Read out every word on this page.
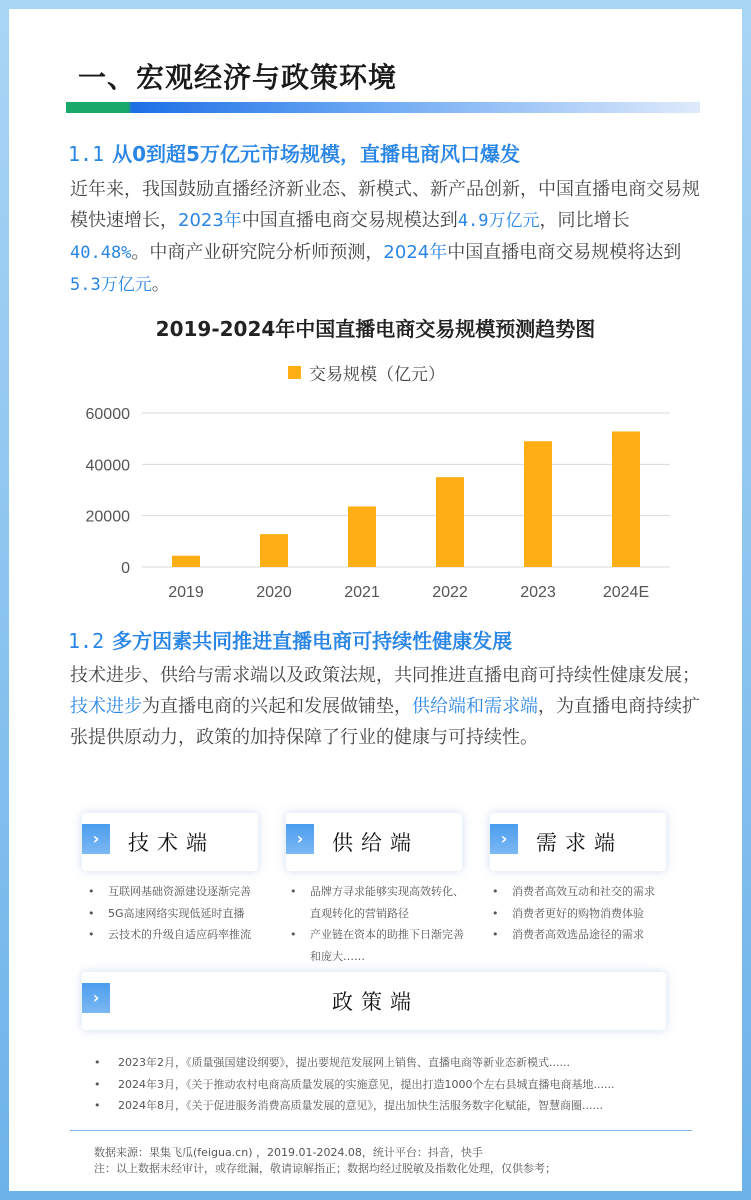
一、宏观经济与政策环境
1.1 从0到超5万亿元市场规模，直播电商风口爆发
近年来，我国鼓励直播经济新业态、新模式、新产品创新，中国直播电商交易规模快速增长，2023年中国直播电商交易规模达到4.9万亿元，同比增长40.48%。中商产业研究院分析师预测，2024年中国直播电商交易规模将达到5.3万亿元。
2019-2024年中国直播电商交易规模预测趋势图
交易规模（亿元）
0
20000
40000
60000
2019	2020	2021	2022	2023	2024E
1.2 多方因素共同推进直播电商可持续性健康发展
技术进步、供给与需求端以及政策法规，共同推进直播电商可持续性健康发展；技术进步为直播电商的兴起和发展做铺垫，供给端和需求端，为直播电商持续扩张提供原动力，政策的加持保障了行业的健康与可持续性。
›	技术端
• 互联网基础资源建设逐渐完善
• 5G高速网络实现低延时直播
• 云技术的升级自适应码率推流
›	供给端
• 品牌方寻求能够实现高效转化、直观转化的营销路径
• 产业链在资本的助推下日渐完善和庞大……
›	需求端
• 消费者高效互动和社交的需求
• 消费者更好的购物消费体验
• 消费者高效选品途径的需求
›	政策端
• 2023年2月，《质量强国建设纲要》，提出要规范发展网上销售、直播电商等新业态新模式......
• 2024年3月，《关于推动农村电商高质量发展的实施意见，提出打造1000个左右县城直播电商基地......
• 2024年8月，《关于促进服务消费高质量发展的意见》，提出加快生活服务数字化赋能，智慧商圈......
数据来源：果集飞瓜(feigua.cn) ，2019.01-2024.08，统计平台：抖音，快手
注：以上数据未经审计，或存纰漏，敬请谅解指正；数据均经过脱敏及指数化处理，仅供参考；
